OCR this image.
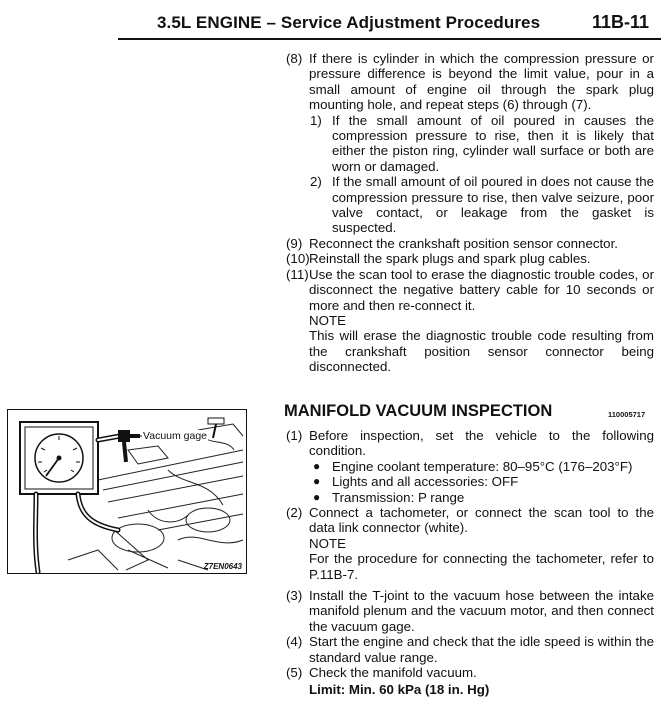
3.5L ENGINE – Service Adjustment Procedures	11B-11

(8) If there is cylinder in which the compression pressure or pressure difference is beyond the limit value, pour in a small amount of engine oil through the spark plug mounting hole, and repeat steps (6) through (7).

1) If the small amount of oil poured in causes the compression pressure to rise, then it is likely that either the piston ring, cylinder wall surface or both are worn or damaged.

2) If the small amount of oil poured in does not cause the compression pressure to rise, then valve seizure, poor valve contact, or leakage from the gasket is suspected.

(9) Reconnect the crankshaft position sensor connector.

(10) Reinstall the spark plugs and spark plug cables.

(11) Use the scan tool to erase the diagnostic trouble codes, or disconnect the negative battery cable for 10 seconds or more and then re-connect it.

NOTE

This will erase the diagnostic trouble code resulting from the crankshaft position sensor connector being disconnected.

MANIFOLD VACUUM INSPECTION	110005717

(1) Before inspection, set the vehicle to the following condition.

● Engine coolant temperature: 80–95°C (176–203°F)

● Lights and all accessories: OFF

● Transmission: P range

(2) Connect a tachometer, or connect the scan tool to the data link connector (white).

NOTE

For the procedure for connecting the tachometer, refer to P.11B-7.

(3) Install the T-joint to the vacuum hose between the intake manifold plenum and the vacuum motor, and then connect the vacuum gage.

(4) Start the engine and check that the idle speed is within the standard value range.

(5) Check the manifold vacuum.

Limit: Min. 60 kPa (18 in. Hg)
Vacuum gage
Z7EN0643
